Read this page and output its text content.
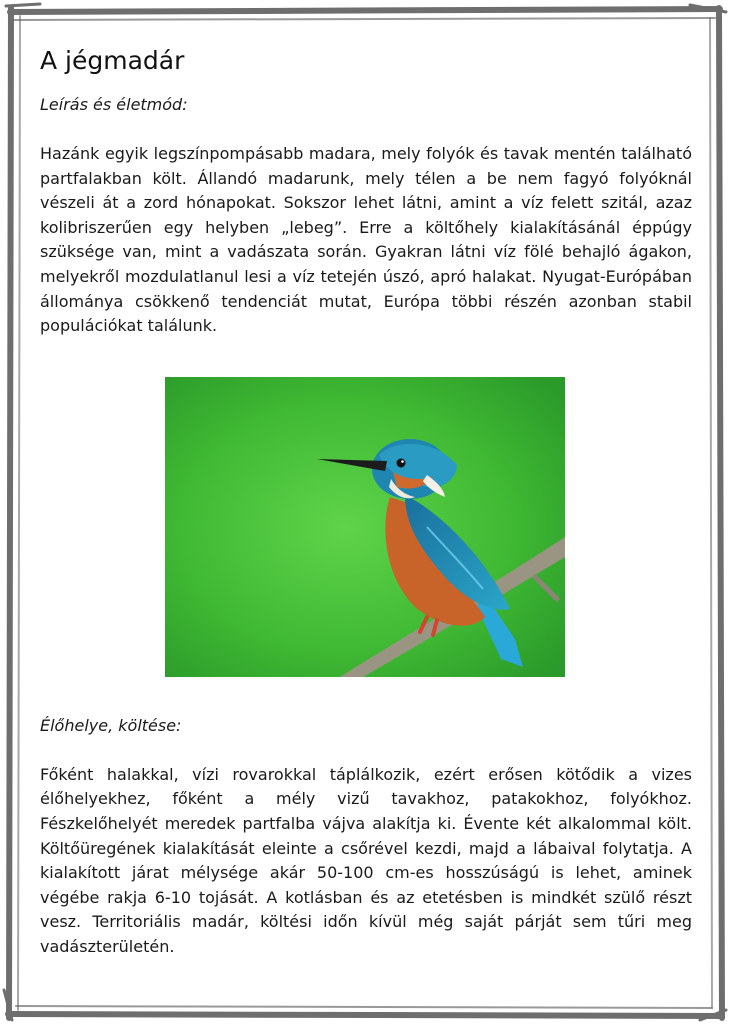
A jégmadár
Leírás és életmód:

Hazánk egyik legszínpompásabb madara, mely folyók és tavak mentén található partfalakban költ. Állandó madarunk, mely télen a be nem fagyó folyóknál vészeli át a zord hónapokat. Sokszor lehet látni, amint a víz felett szitál, azaz kolibriszerűen egy helyben „lebeg”. Erre a költőhely kialakításánál éppúgy szüksége van, mint a vadászata során. Gyakran látni víz fölé behajló ágakon, melyekről mozdulatlanul lesi a víz tetején úszó, apró halakat. Nyugat-Európában állománya csökkenő tendenciát mutat, Európa többi részén azonban stabil populációkat találunk.

Élőhelye, költése:

Főként halakkal, vízi rovarokkal táplálkozik, ezért erősen kötődik a vizes élőhelyekhez, főként a mély vizű tavakhoz, patakokhoz, folyókhoz. Fészkelőhelyét meredek partfalba vájva alakítja ki. Évente két alkalommal költ. Költőüregének kialakítását eleinte a csőrével kezdi, majd a lábaival folytatja. A kialakított járat mélysége akár 50-100 cm-es hosszúságú is lehet, aminek végébe rakja 6-10 tojását. A kotlásban és az etetésben is mindkét szülő részt vesz. Territoriális madár, költési időn kívül még saját párját sem tűri meg vadászterületén.
